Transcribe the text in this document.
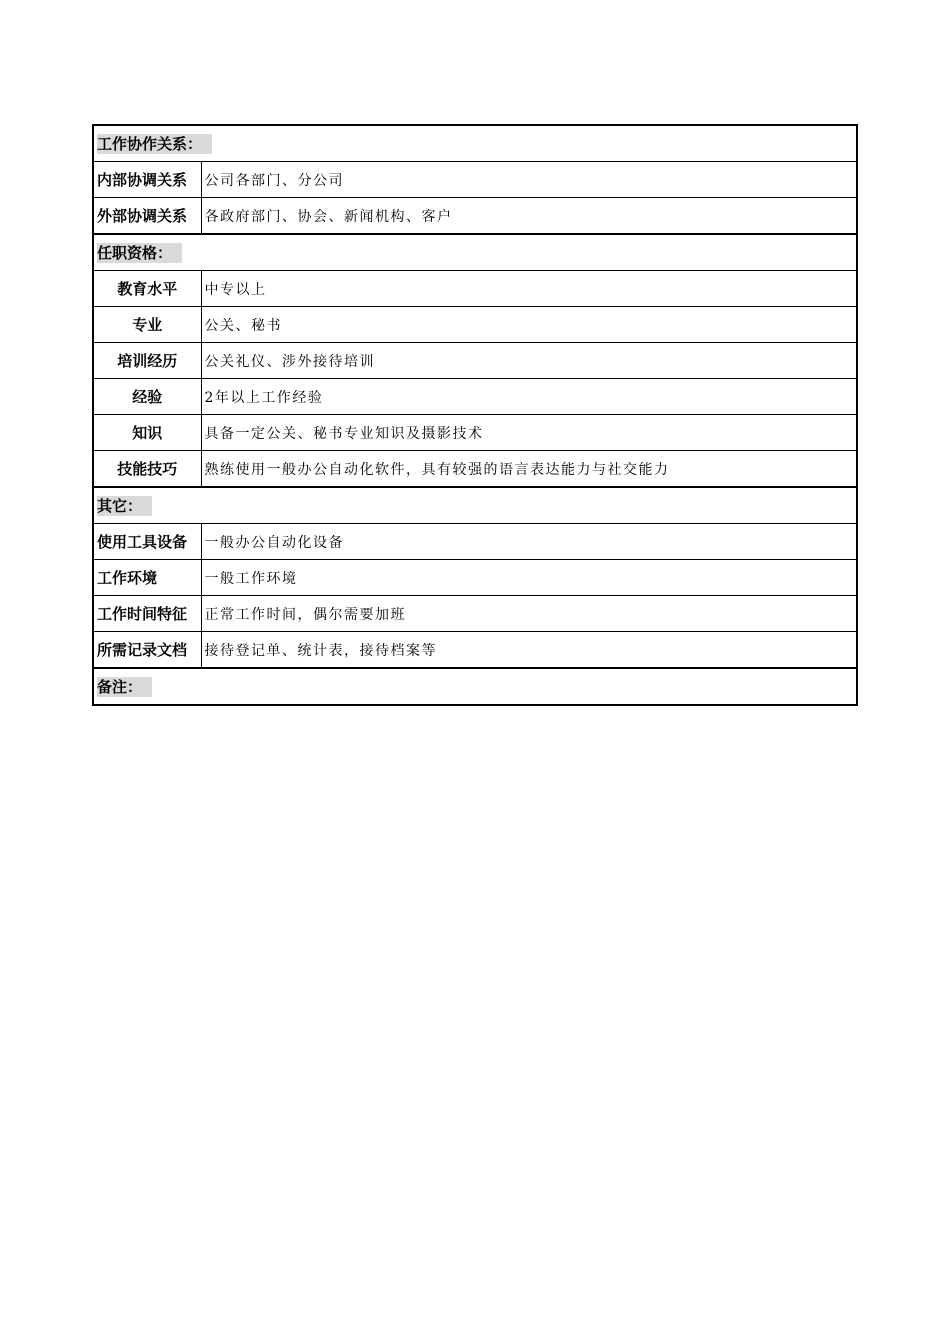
工作协作关系：	
内部协调关系	公司各部门、分公司
外部协调关系	各政府部门、协会、新闻机构、客户
任职资格：	
教育水平	中专以上
专业	公关、秘书
培训经历	公关礼仪、涉外接待培训
经验	2年以上工作经验
知识	具备一定公关、秘书专业知识及摄影技术
技能技巧	熟练使用一般办公自动化软件，具有较强的语言表达能力与社交能力
其它：	
使用工具设备	一般办公自动化设备
工作环境	一般工作环境
工作时间特征	正常工作时间，偶尔需要加班
所需记录文档	接待登记单、统计表，接待档案等
备注：	
